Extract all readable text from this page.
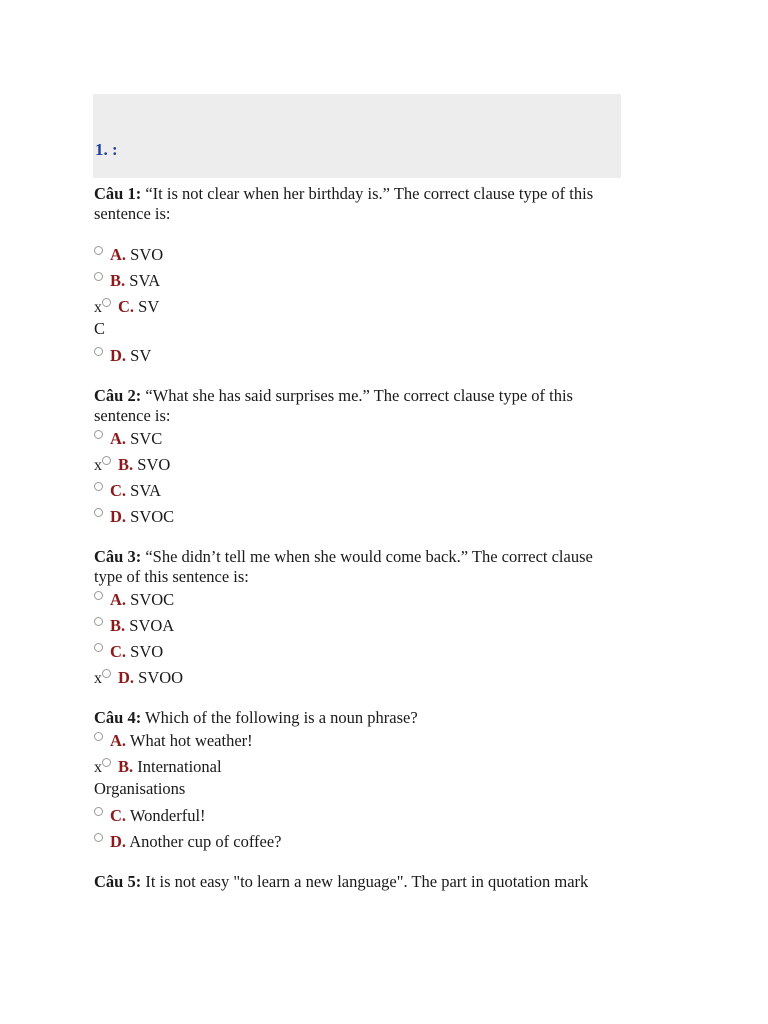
1. :

Câu 1: “It is not clear when her birthday is.” The correct clause type of this sentence is:

A. SVO
B. SVA
x C. SV
C
D. SV

Câu 2: “What she has said surprises me.” The correct clause type of this sentence is:

A. SVC
x B. SVO
C. SVA
D. SVOC

Câu 3: “She didn’t tell me when she would come back.” The correct clause type of this sentence is:

A. SVOC
B. SVOA
C. SVO
x D. SVOO

Câu 4: Which of the following is a noun phrase?

A. What hot weather!
x B. International
Organisations
C. Wonderful!
D. Another cup of coffee?

Câu 5: It is not easy "to learn a new language". The part in quotation mark
